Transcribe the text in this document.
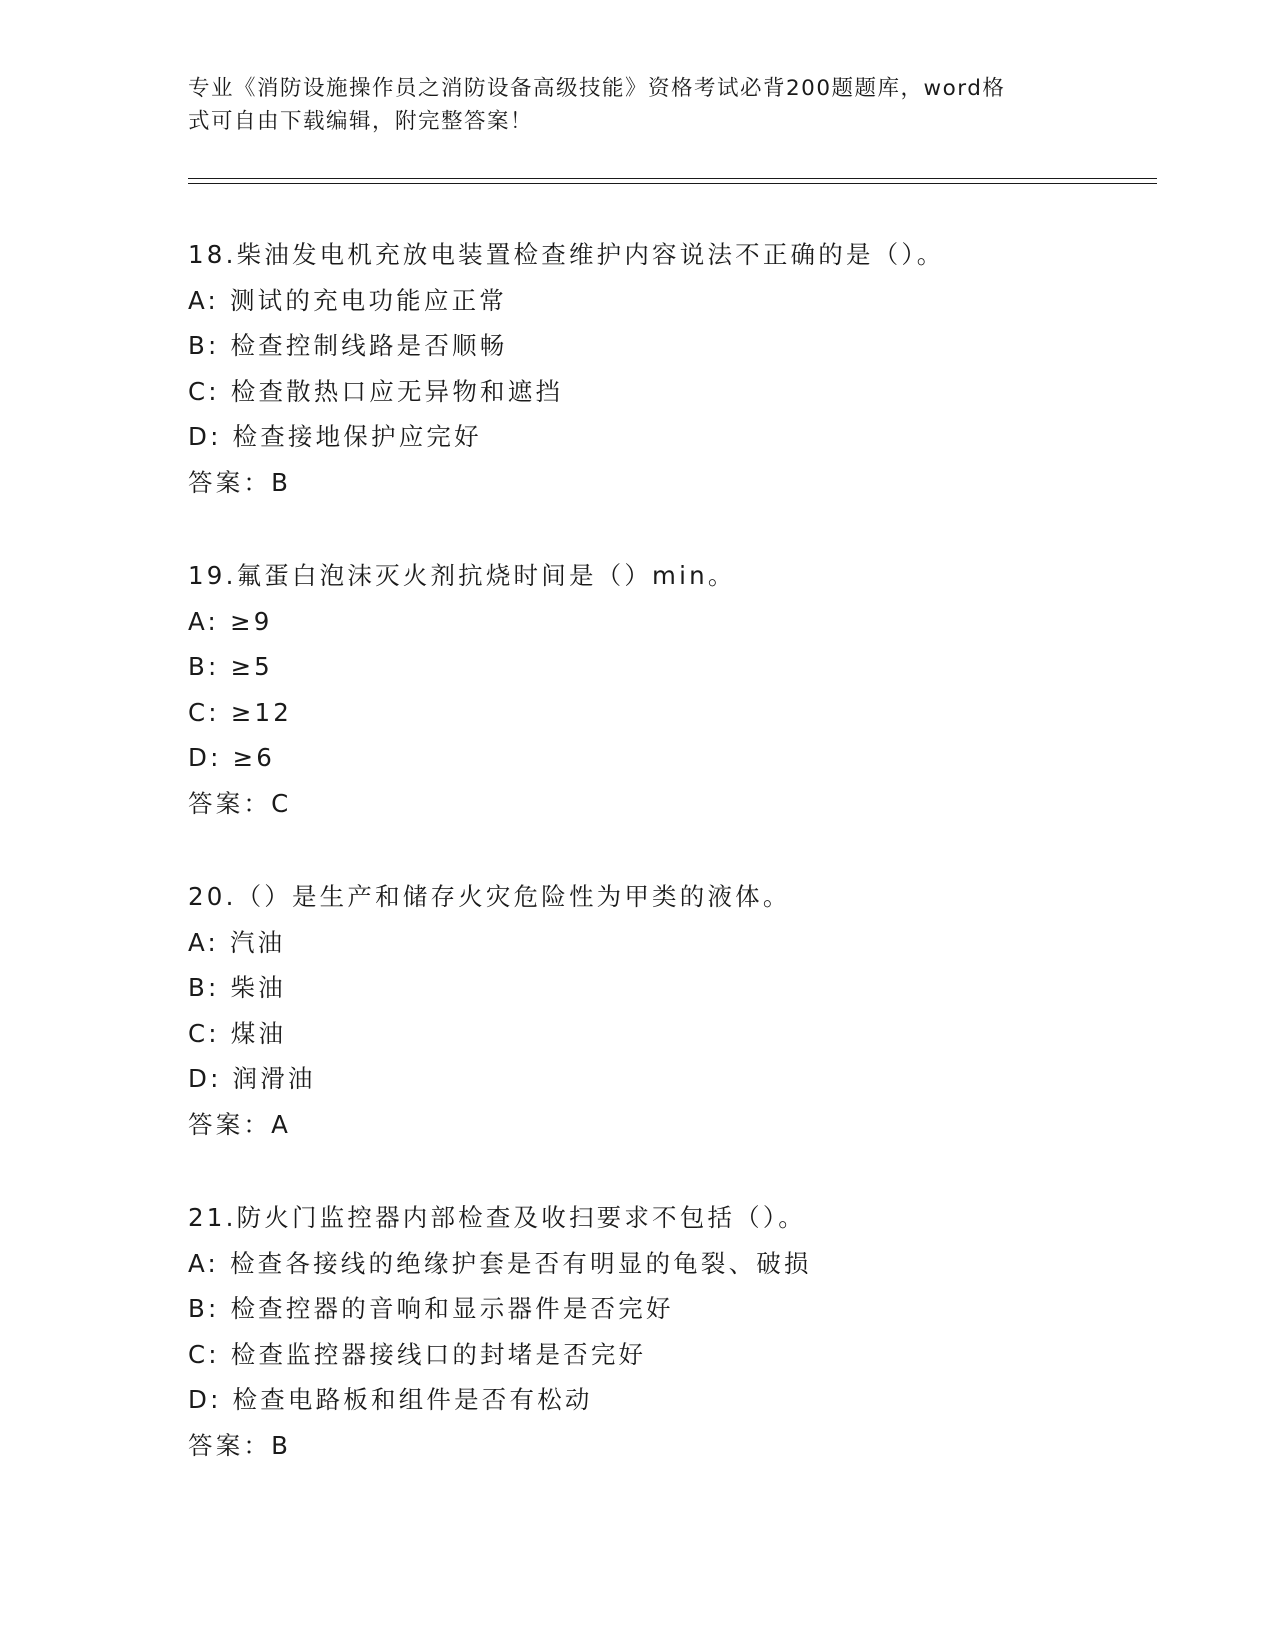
专业《消防设施操作员之消防设备高级技能》资格考试必背200题题库，word格
式可自由下载编辑，附完整答案！
18.柴油发电机充放电装置检查维护内容说法不正确的是（）。
A: 测试的充电功能应正常
B: 检查控制线路是否顺畅
C: 检查散热口应无异物和遮挡
D: 检查接地保护应完好
答案：B
19.氟蛋白泡沫灭火剂抗烧时间是（）min。
A: ≥9
B: ≥5
C: ≥12
D: ≥6
答案：C
20.（）是生产和储存火灾危险性为甲类的液体。
A: 汽油
B: 柴油
C: 煤油
D: 润滑油
答案：A
21.防火门监控器内部检查及收扫要求不包括（）。
A: 检查各接线的绝缘护套是否有明显的龟裂、破损
B: 检查控器的音响和显示器件是否完好
C: 检查监控器接线口的封堵是否完好
D: 检查电路板和组件是否有松动
答案：B
